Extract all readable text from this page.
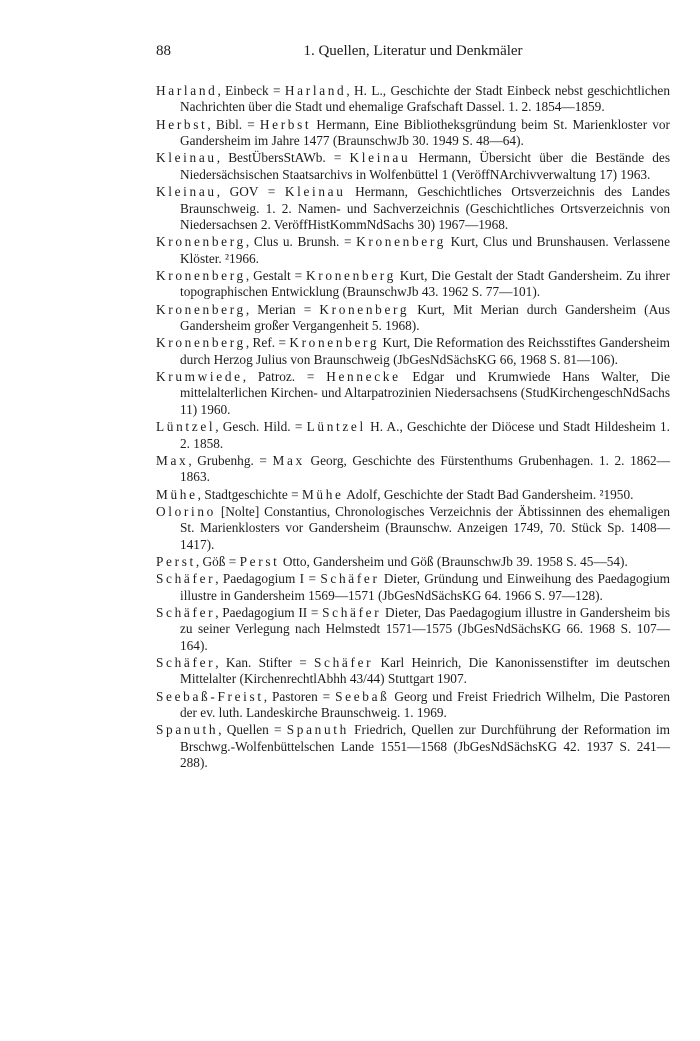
88	1. Quellen, Literatur und Denkmäler
Harland, Einbeck = Harland, H. L., Geschichte der Stadt Einbeck nebst geschichtlichen Nachrichten über die Stadt und ehemalige Grafschaft Dassel. 1. 2. 1854—1859.
Herbst, Bibl. = Herbst Hermann, Eine Bibliotheksgründung beim St. Marienkloster vor Gandersheim im Jahre 1477 (BraunschwJb 30. 1949 S. 48—64).
Kleinau, BestÜbersStAWb. = Kleinau Hermann, Übersicht über die Bestände des Niedersächsischen Staatsarchivs in Wolfenbüttel 1 (VeröffNArchivverwaltung 17) 1963.
Kleinau, GOV = Kleinau Hermann, Geschichtliches Ortsverzeichnis des Landes Braunschweig. 1. 2. Namen- und Sachverzeichnis (Geschichtliches Ortsverzeichnis von Niedersachsen 2. VeröffHistKommNdSachs 30) 1967—1968.
Kronenberg, Clus u. Brunsh. = Kronenberg Kurt, Clus und Brunshausen. Verlassene Klöster. ²1966.
Kronenberg, Gestalt = Kronenberg Kurt, Die Gestalt der Stadt Gandersheim. Zu ihrer topographischen Entwicklung (BraunschwJb 43. 1962 S. 77—101).
Kronenberg, Merian = Kronenberg Kurt, Mit Merian durch Gandersheim (Aus Gandersheim großer Vergangenheit 5. 1968).
Kronenberg, Ref. = Kronenberg Kurt, Die Reformation des Reichsstiftes Gandersheim durch Herzog Julius von Braunschweig (JbGesNdSächsKG 66, 1968 S. 81—106).
Krumwiede, Patroz. = Hennecke Edgar und Krumwiede Hans Walter, Die mittelalterlichen Kirchen- und Altarpatrozinien Niedersachsens (StudKirchengeschNdSachs 11) 1960.
Lüntzel, Gesch. Hild. = Lüntzel H. A., Geschichte der Diöcese und Stadt Hildesheim 1. 2. 1858.
Max, Grubenhg. = Max Georg, Geschichte des Fürstenthums Grubenhagen. 1. 2. 1862—1863.
Mühe, Stadtgeschichte = Mühe Adolf, Geschichte der Stadt Bad Gandersheim. ²1950.
Olorino [Nolte] Constantius, Chronologisches Verzeichnis der Äbtissinnen des ehemaligen St. Marienklosters vor Gandersheim (Braunschw. Anzeigen 1749, 70. Stück Sp. 1408—1417).
Perst, Göß = Perst Otto, Gandersheim und Göß (BraunschwJb 39. 1958 S. 45—54).
Schäfer, Paedagogium I = Schäfer Dieter, Gründung und Einweihung des Paedagogium illustre in Gandersheim 1569—1571 (JbGesNdSächsKG 64. 1966 S. 97—128).
Schäfer, Paedagogium II = Schäfer Dieter, Das Paedagogium illustre in Gandersheim bis zu seiner Verlegung nach Helmstedt 1571—1575 (JbGesNdSächsKG 66. 1968 S. 107—164).
Schäfer, Kan. Stifter = Schäfer Karl Heinrich, Die Kanonissenstifter im deutschen Mittelalter (KirchenrechtlAbhh 43/44) Stuttgart 1907.
Seebaß-Freist, Pastoren = Seebaß Georg und Freist Friedrich Wilhelm, Die Pastoren der ev. luth. Landeskirche Braunschweig. 1. 1969.
Spanuth, Quellen = Spanuth Friedrich, Quellen zur Durchführung der Reformation im Brschwg.-Wolfenbüttelschen Lande 1551—1568 (JbGesNdSächsKG 42. 1937 S. 241—288).
